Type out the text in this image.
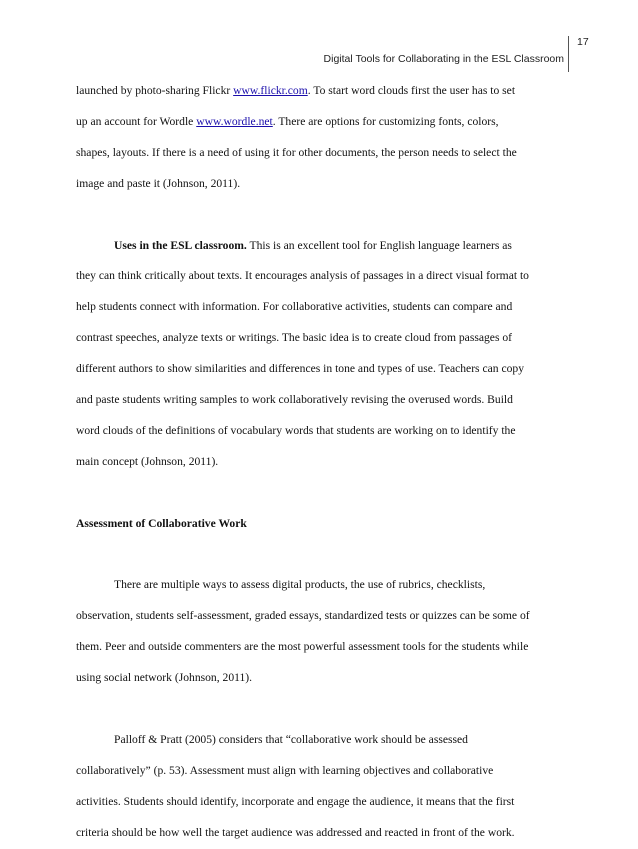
17
Digital Tools for Collaborating in the ESL Classroom

launched by photo-sharing Flickr www.flickr.com. To start word clouds first the user has to set
up an account for Wordle www.wordle.net. There are options for customizing fonts, colors,
shapes, layouts. If there is a need of using it for other documents, the person needs to select the
image and paste it (Johnson, 2011).

Uses in the ESL classroom. This is an excellent tool for English language learners as
they can think critically about texts. It encourages analysis of passages in a direct visual format to
help students connect with information. For collaborative activities, students can compare and
contrast speeches, analyze texts or writings. The basic idea is to create cloud from passages of
different authors to show similarities and differences in tone and types of use. Teachers can copy
and paste students writing samples to work collaboratively revising the overused words. Build
word clouds of the definitions of vocabulary words that students are working on to identify the
main concept (Johnson, 2011).

Assessment of Collaborative Work

There are multiple ways to assess digital products, the use of rubrics, checklists,
observation, students self-assessment, graded essays, standardized tests or quizzes can be some of
them. Peer and outside commenters are the most powerful assessment tools for the students while
using social network (Johnson, 2011).

Palloff & Pratt (2005) considers that “collaborative work should be assessed
collaboratively” (p. 53). Assessment must align with learning objectives and collaborative
activities. Students should identify, incorporate and engage the audience, it means that the first
criteria should be how well the target audience was addressed and reacted in front of the work.
